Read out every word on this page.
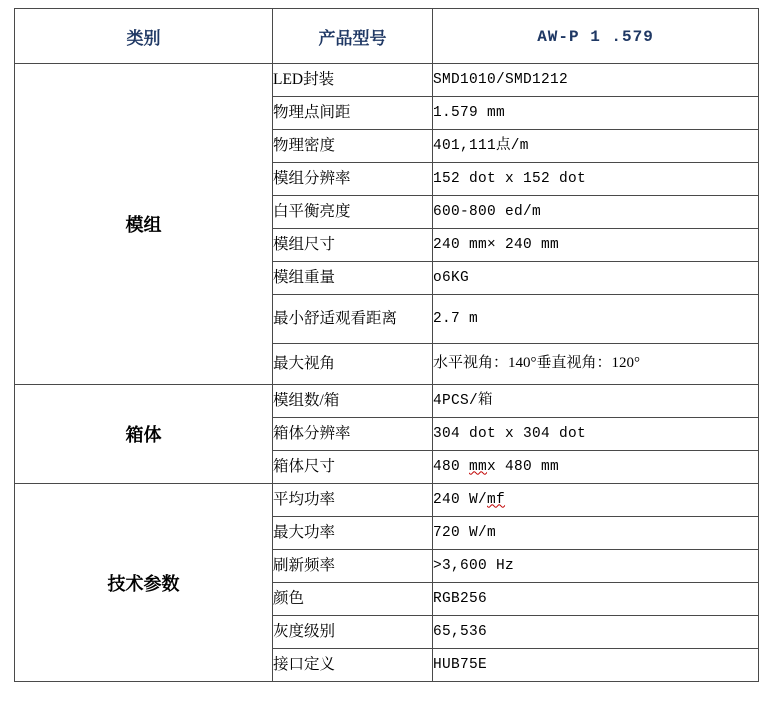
类别	产品型号	AW-P 1 .579
模组	LED封装	SMD1010/SMD1212
	物理点间距	1.579 mm
	物理密度	401,111点/m
	模组分辨率	152 dot x 152 dot
	白平衡亮度	600-800 ed/m
	模组尺寸	240 mm× 240 mm
	模组重量	o6KG
	最小舒适观看距离	2.7 m
	最大视角	水平视角：140°垂直视角：120°
箱体	模组数/箱	4PCS/箱
	箱体分辨率	304 dot x 304 dot
	箱体尺寸	480 mmx 480 mm
技术参数	平均功率	240 W/mf
	最大功率	720 W/m
	刷新频率	>3,600 Hz
	颜色	RGB256
	灰度级别	65,536
	接口定义	HUB75E
